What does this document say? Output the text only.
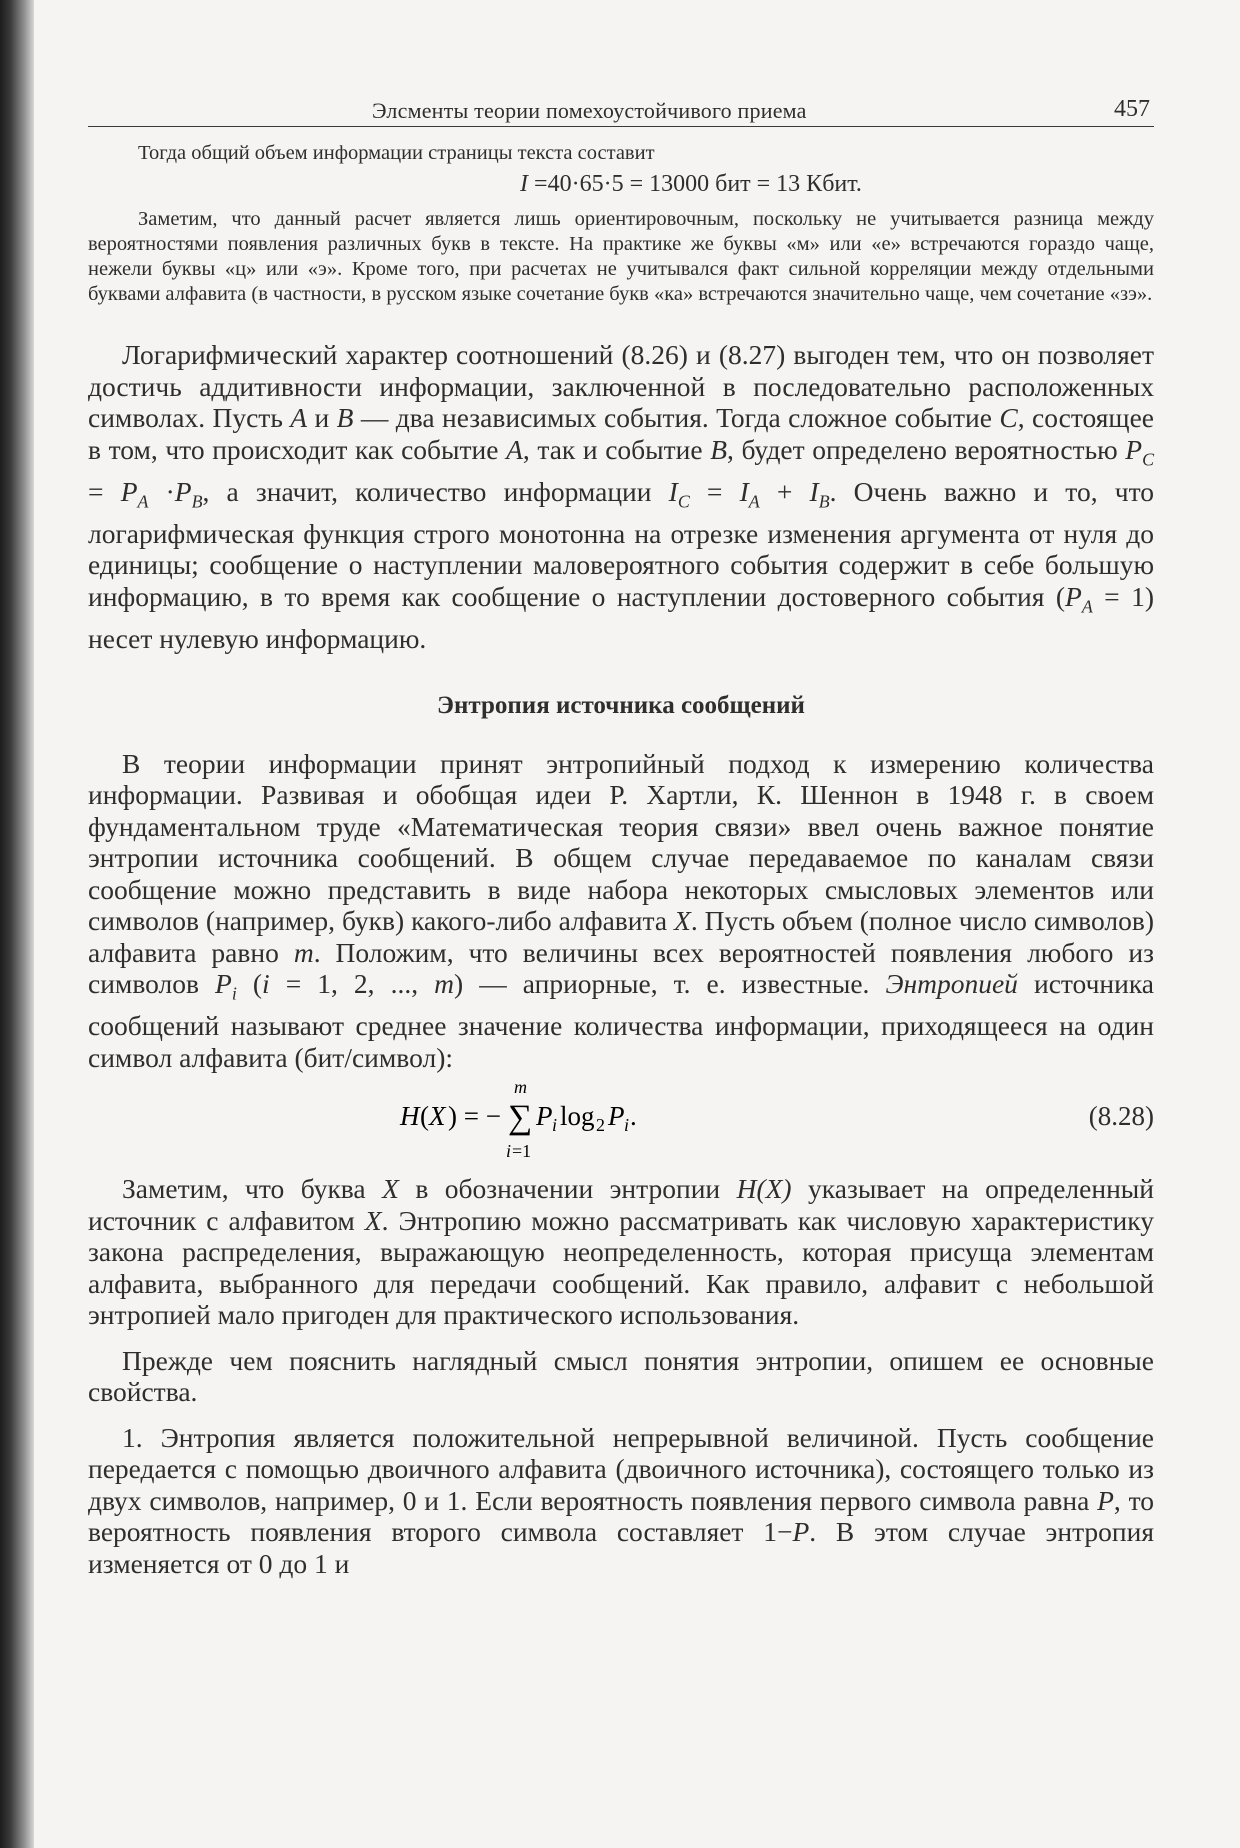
Элсменты теории помехоустойчивого приема	457

Тогда общий объем информации страницы текста составит

I =40·65·5 = 13000 бит = 13 Кбит.

Заметим, что данный расчет является лишь ориентировочным, поскольку не учитывается разница между вероятностями появления различных букв в тексте. На практике же буквы «м» или «е» встречаются гораздо чаще, нежели буквы «ц» или «э». Кроме того, при расчетах не учитывался факт сильной корреляции между отдельными буквами алфавита (в частности, в русском языке сочетание букв «ка» встречаются значительно чаще, чем сочетание «зэ».

Логарифмический характер соотношений (8.26) и (8.27) выгоден тем, что он позволяет достичь аддитивности информации, заключенной в последовательно расположенных символах. Пусть A и B — два независимых события. Тогда сложное событие C, состоящее в том, что происходит как событие A, так и событие B, будет определено вероятностью $P_C = P_A \cdot P_B$, а значит, количество информации $I_C = I_A + I_B$. Очень важно и то, что логарифмическая функция строго монотонна на отрезке изменения аргумента от нуля до единицы; сообщение о наступлении маловероятного события содержит в себе большую информацию, в то время как сообщение о наступлении достоверного события $(P_A = 1)$ несет нулевую информацию.

Энтропия источника сообщений

В теории информации принят энтропийный подход к измерению количества информации. Развивая и обобщая идеи Р. Хартли, К. Шеннон в 1948 г. в своем фундаментальном труде «Математическая теория связи» ввел очень важное понятие энтропии источника сообщений. В общем случае передаваемое по каналам связи сообщение можно представить в виде набора некоторых смысловых элементов или символов (например, букв) какого-либо алфавита X. Пусть объем (полное число символов) алфавита равно m. Положим, что величины всех вероятностей появления любого из символов $P_i$ (i = 1, 2, ..., m) — априорные, т. е. известные. Энтропией источника сообщений называют среднее значение количества информации, приходящееся на один символ алфавита (бит/символ):

H ( X ) = − ∑
m
i =1
P i log 2 P i .	(8.28)

Заметим, что буква X в обозначении энтропии H(X) указывает на определенный источник с алфавитом X. Энтропию можно рассматривать как числовую характеристику закона распределения, выражающую неопределенность, которая присуща элементам алфавита, выбранного для передачи сообщений. Как правило, алфавит с небольшой энтропией мало пригоден для практического использования.

Прежде чем пояснить наглядный смысл понятия энтропии, опишем ее основные свойства.

1. Энтропия является положительной непрерывной величиной. Пусть сообщение передается с помощью двоичного алфавита (двоичного источника), состоящего только из двух символов, например, 0 и 1. Если вероятность появления первого символа равна P, то вероятность появления второго символа составляет 1−P. В этом случае энтропия изменяется от 0 до 1 и
